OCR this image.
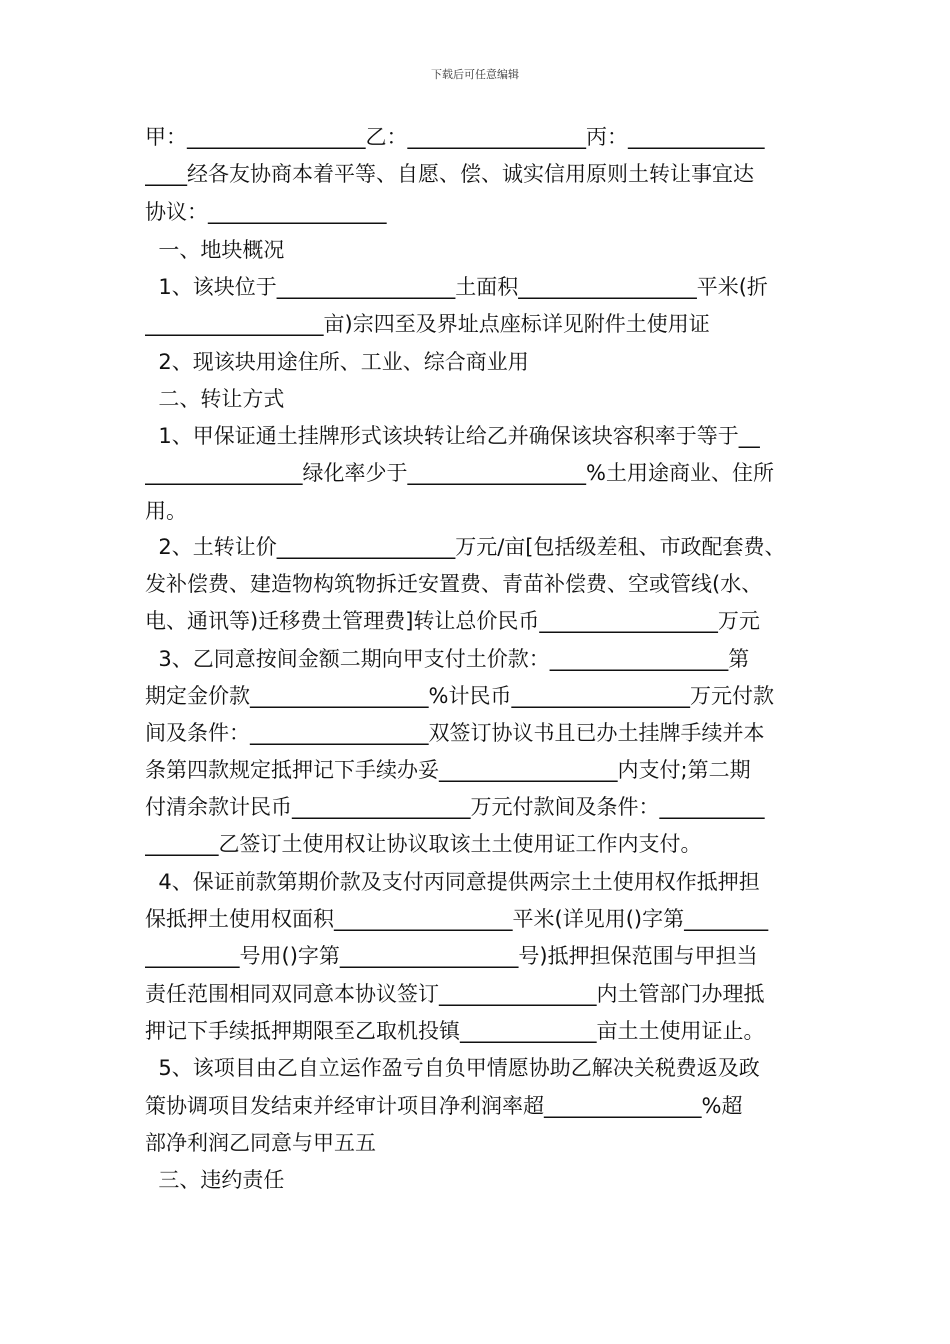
下载后可任意编辑
甲：_________________乙：_________________丙：_____________
____经各友协商本着平等、自愿、偿、诚实信用原则土转让事宜达
协议：_________________
一、地块概况
1、该块位于_________________土面积_________________平米(折
_________________亩)宗四至及界址点座标详见附件土使用证
2、现该块用途住所、工业、综合商业用
二、转让方式
1、甲保证通土挂牌形式该块转让给乙并确保该块容积率于等于__
_______________绿化率少于_________________%土用途商业、住所
用。
2、土转让价_________________万元/亩[包括级差租、市政配套费、
发补偿费、建造物构筑物拆迁安置费、青苗补偿费、空或管线(水、
电、通讯等)迁移费土管理费]转让总价民币_________________万元
3、乙同意按间金额二期向甲支付土价款：_________________第
期定金价款_________________%计民币_________________万元付款
间及条件：_________________双签订协议书且已办土挂牌手续并本
条第四款规定抵押记下手续办妥_________________内支付;第二期
付清余款计民币_________________万元付款间及条件：__________
_______乙签订土使用权让协议取该土土使用证工作内支付。
4、保证前款第期价款及支付丙同意提供两宗土土使用权作抵押担
保抵押土使用权面积_________________平米(详见用()字第________
_________号用()字第_________________号)抵押担保范围与甲担当
责任范围相同双同意本协议签订_______________内土管部门办理抵
押记下手续抵押期限至乙取机投镇_____________亩土土使用证止。
5、该项目由乙自立运作盈亏自负甲情愿协助乙解决关税费返及政
策协调项目发结束并经审计项目净利润率超_______________%超
部净利润乙同意与甲五五
三、违约责任
